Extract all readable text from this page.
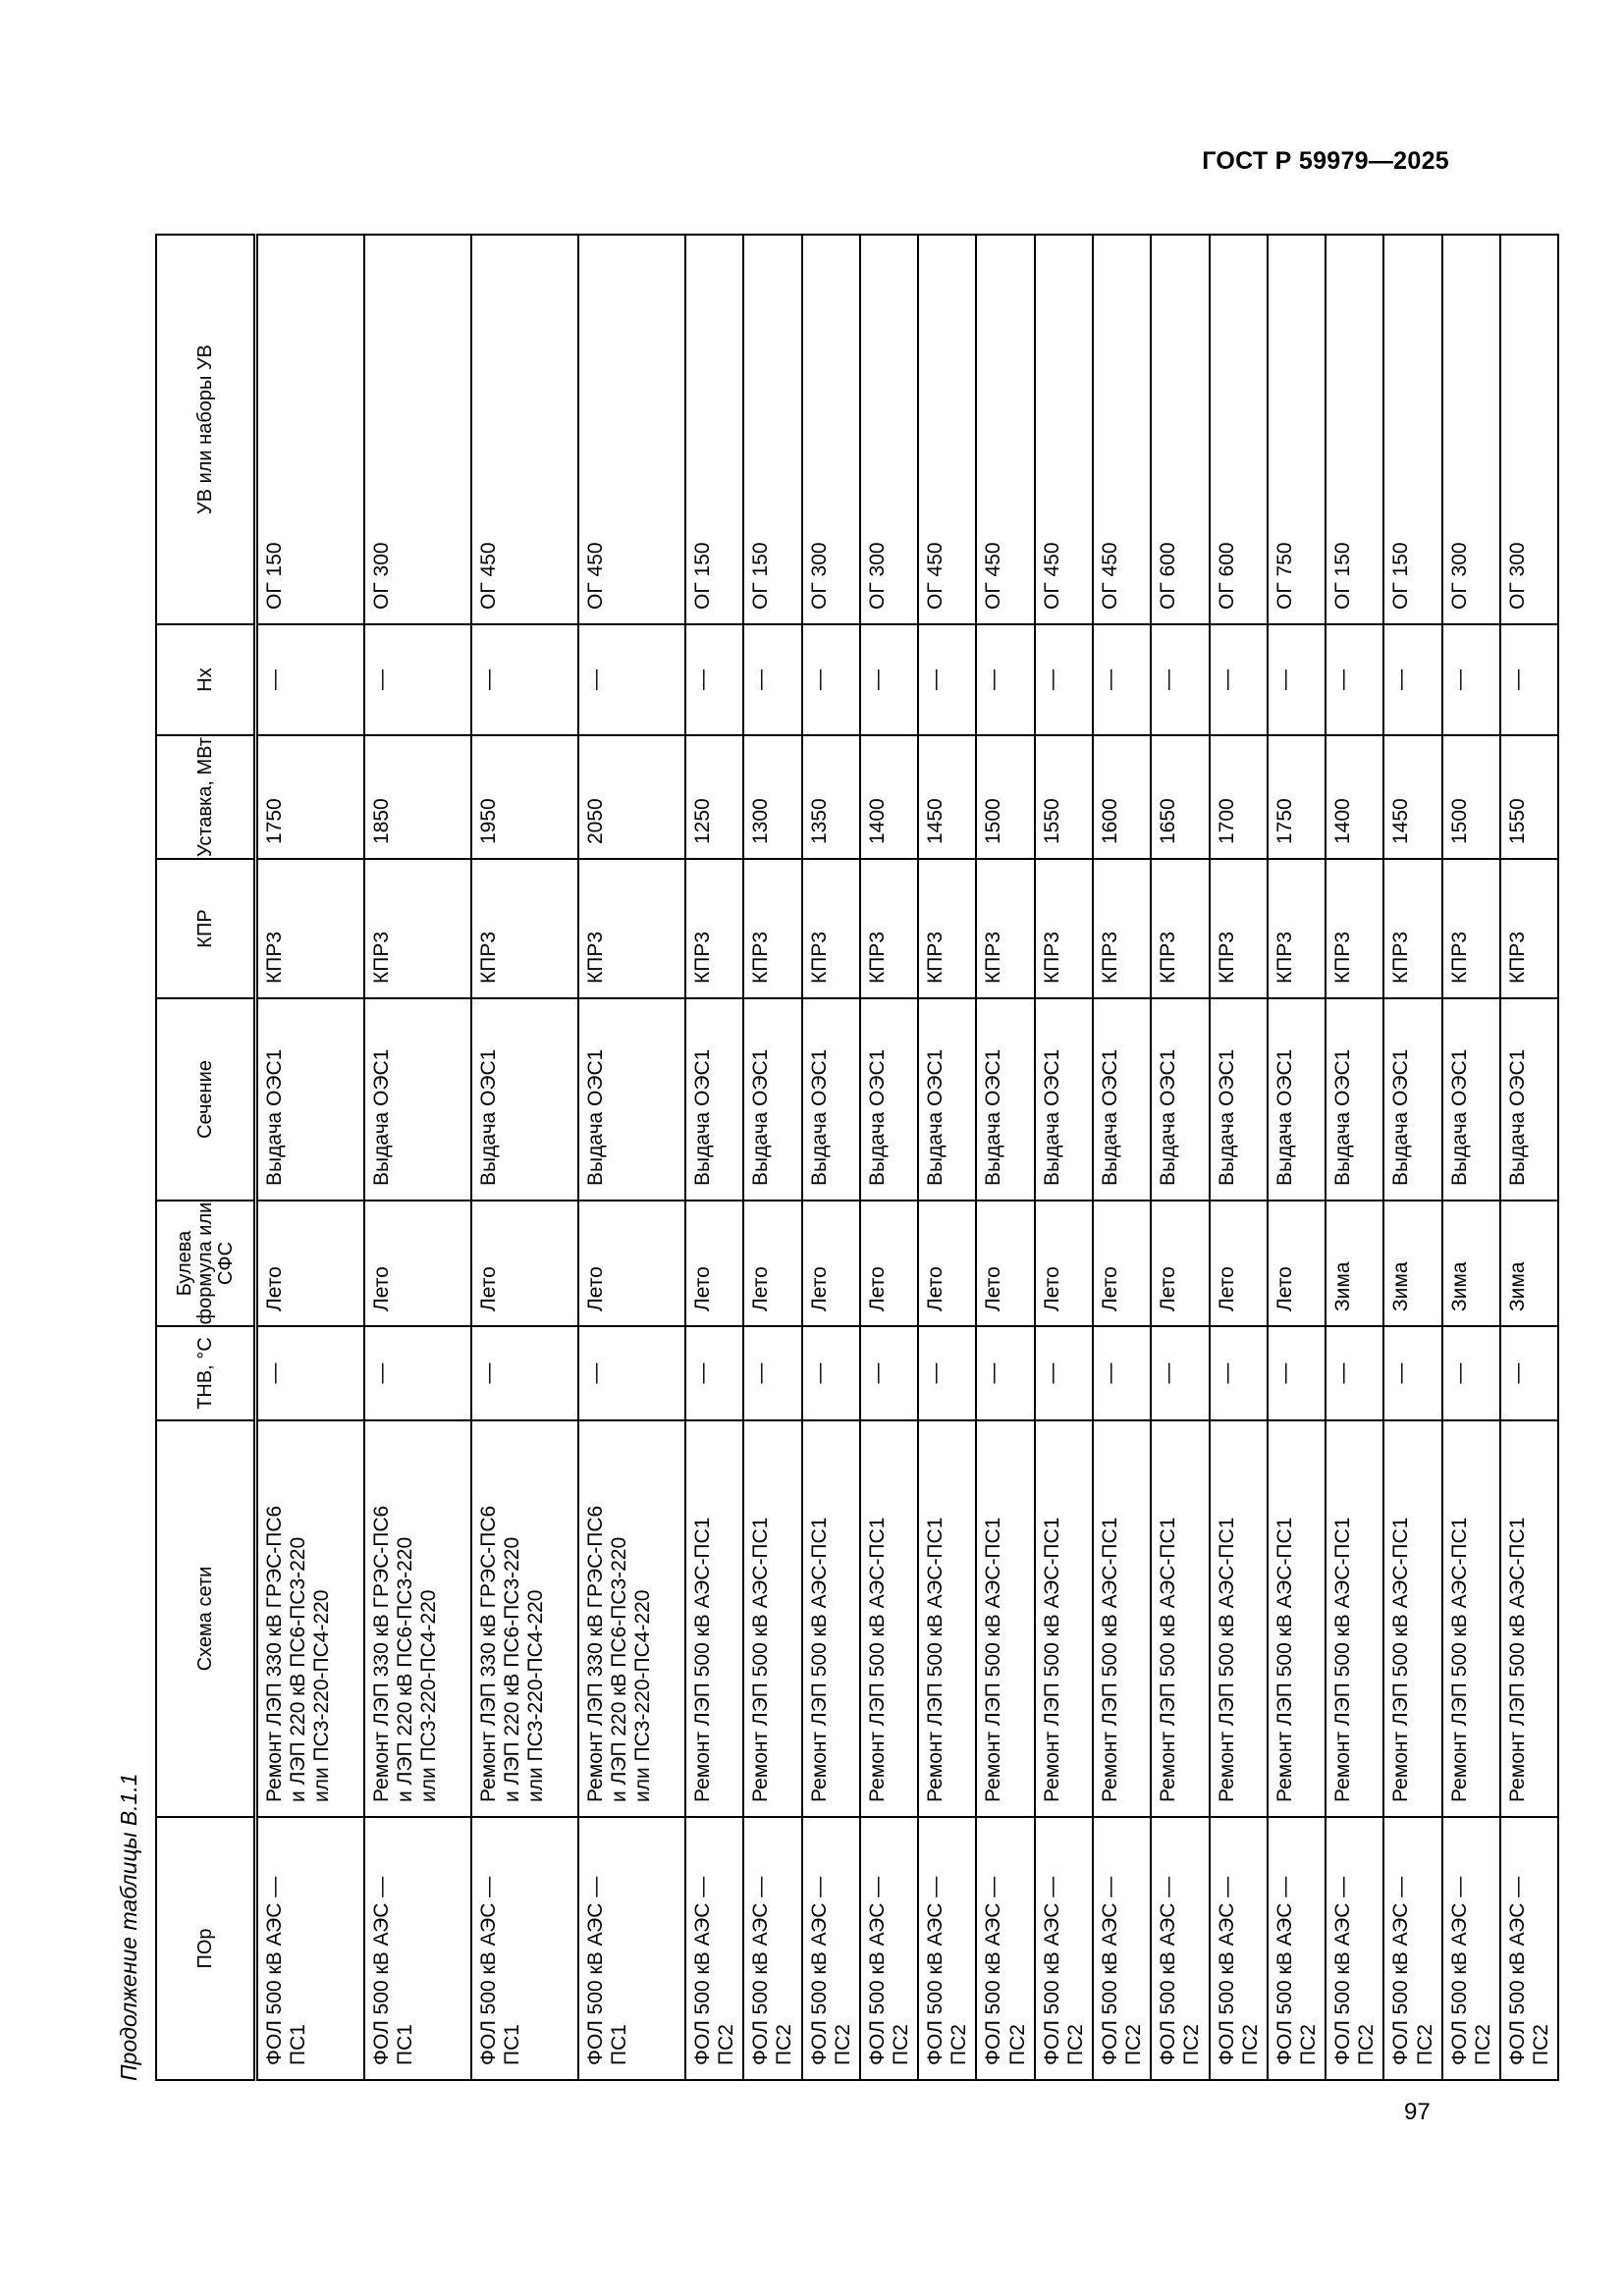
ГОСТ Р 59979—2025
97
Продолжение таблицы В.1.1	ПОр	Схема сети	ТНВ, °С	Булева формула или СФС	Сечение	КПР	Уставка, МВт	Нх	УВ или наборы УВ
ФОЛ 500 кВ АЭС — ПС1	Ремонт ЛЭП 330 кВ ГРЭС-ПС6 и ЛЭП 220 кВ ПС6-ПС3-220 или ПС3-220-ПС4-220	—	Лето	Выдача ОЭС1	КПР3	1750	—	ОГ 150
ФОЛ 500 кВ АЭС — ПС1	Ремонт ЛЭП 330 кВ ГРЭС-ПС6 и ЛЭП 220 кВ ПС6-ПС3-220 или ПС3-220-ПС4-220	—	Лето	Выдача ОЭС1	КПР3	1850	—	ОГ 300
ФОЛ 500 кВ АЭС — ПС1	Ремонт ЛЭП 330 кВ ГРЭС-ПС6 и ЛЭП 220 кВ ПС6-ПС3-220 или ПС3-220-ПС4-220	—	Лето	Выдача ОЭС1	КПР3	1950	—	ОГ 450
ФОЛ 500 кВ АЭС — ПС1	Ремонт ЛЭП 330 кВ ГРЭС-ПС6 и ЛЭП 220 кВ ПС6-ПС3-220 или ПС3-220-ПС4-220	—	Лето	Выдача ОЭС1	КПР3	2050	—	ОГ 450
ФОЛ 500 кВ АЭС — ПС2	Ремонт ЛЭП 500 кВ АЭС-ПС1	—	Лето	Выдача ОЭС1	КПР3	1250	—	ОГ 150
ФОЛ 500 кВ АЭС — ПС2	Ремонт ЛЭП 500 кВ АЭС-ПС1	—	Лето	Выдача ОЭС1	КПР3	1300	—	ОГ 150
ФОЛ 500 кВ АЭС — ПС2	Ремонт ЛЭП 500 кВ АЭС-ПС1	—	Лето	Выдача ОЭС1	КПР3	1350	—	ОГ 300
ФОЛ 500 кВ АЭС — ПС2	Ремонт ЛЭП 500 кВ АЭС-ПС1	—	Лето	Выдача ОЭС1	КПР3	1400	—	ОГ 300
ФОЛ 500 кВ АЭС — ПС2	Ремонт ЛЭП 500 кВ АЭС-ПС1	—	Лето	Выдача ОЭС1	КПР3	1450	—	ОГ 450
ФОЛ 500 кВ АЭС — ПС2	Ремонт ЛЭП 500 кВ АЭС-ПС1	—	Лето	Выдача ОЭС1	КПР3	1500	—	ОГ 450
ФОЛ 500 кВ АЭС — ПС2	Ремонт ЛЭП 500 кВ АЭС-ПС1	—	Лето	Выдача ОЭС1	КПР3	1550	—	ОГ 450
ФОЛ 500 кВ АЭС — ПС2	Ремонт ЛЭП 500 кВ АЭС-ПС1	—	Лето	Выдача ОЭС1	КПР3	1600	—	ОГ 450
ФОЛ 500 кВ АЭС — ПС2	Ремонт ЛЭП 500 кВ АЭС-ПС1	—	Лето	Выдача ОЭС1	КПР3	1650	—	ОГ 600
ФОЛ 500 кВ АЭС — ПС2	Ремонт ЛЭП 500 кВ АЭС-ПС1	—	Лето	Выдача ОЭС1	КПР3	1700	—	ОГ 600
ФОЛ 500 кВ АЭС — ПС2	Ремонт ЛЭП 500 кВ АЭС-ПС1	—	Лето	Выдача ОЭС1	КПР3	1750	—	ОГ 750
ФОЛ 500 кВ АЭС — ПС2	Ремонт ЛЭП 500 кВ АЭС-ПС1	—	Зима	Выдача ОЭС1	КПР3	1400	—	ОГ 150
ФОЛ 500 кВ АЭС — ПС2	Ремонт ЛЭП 500 кВ АЭС-ПС1	—	Зима	Выдача ОЭС1	КПР3	1450	—	ОГ 150
ФОЛ 500 кВ АЭС — ПС2	Ремонт ЛЭП 500 кВ АЭС-ПС1	—	Зима	Выдача ОЭС1	КПР3	1500	—	ОГ 300
ФОЛ 500 кВ АЭС — ПС2	Ремонт ЛЭП 500 кВ АЭС-ПС1	—	Зима	Выдача ОЭС1	КПР3	1550	—	ОГ 300
